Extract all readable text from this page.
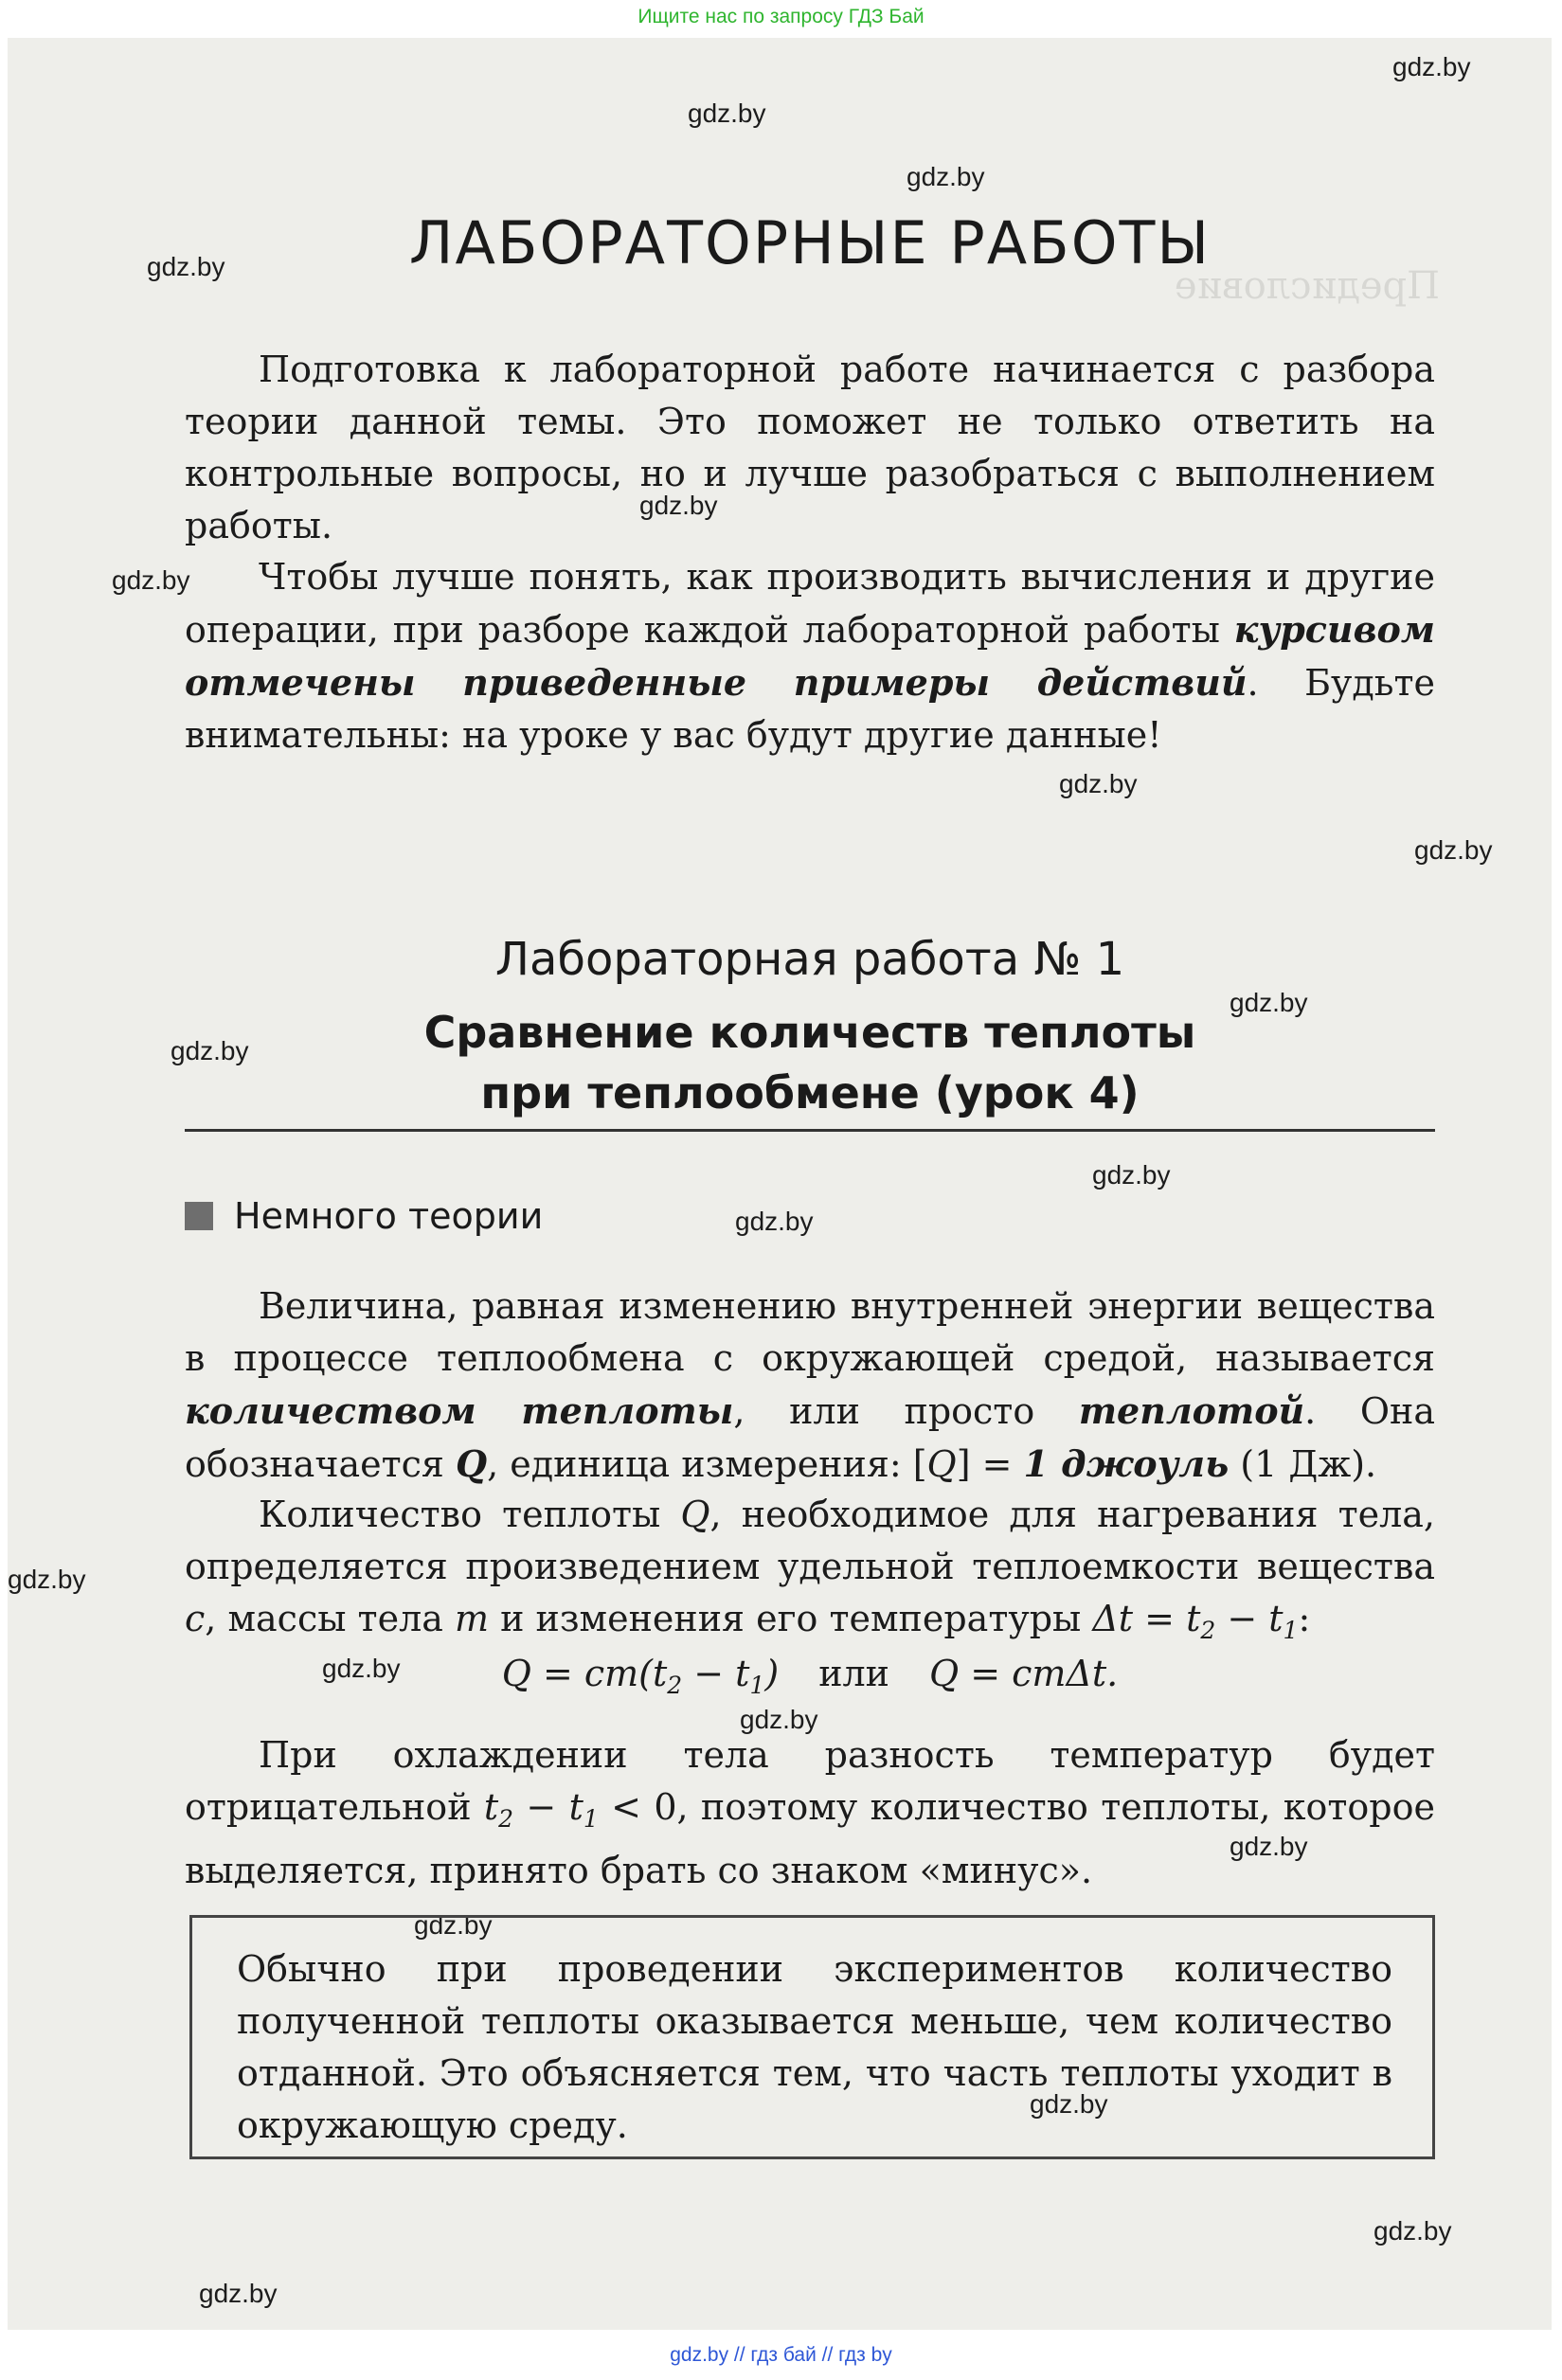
Ищите нас по запросу ГДЗ Бай
Предисловие
gdz.by
gdz.by
gdz.by
gdz.by
gdz.by
gdz.by
gdz.by
gdz.by
gdz.by
gdz.by
gdz.by
gdz.by
gdz.by
gdz.by
gdz.by
gdz.by
gdz.by
gdz.by
gdz.by
gdz.by
ЛАБОРАТОРНЫЕ РАБОТЫ
Подготовка к лабораторной работе начинается с разбора теории данной темы. Это поможет не только ответить на контрольные вопросы, но и лучше разобраться с выполнением работы.
Чтобы лучше понять, как производить вычисления и другие операции, при разборе каждой лабораторной работы курсивом отмечены приведенные примеры действий. Будьте внимательны: на уроке у вас будут другие данные!
Лабораторная работа № 1
Сравнение количеств теплоты
при теплообмене (урок 4)
Немного теории
Величина, равная изменению внутренней энергии вещества в процессе теплообмена с окружающей средой, называется количеством теплоты, или просто теплотой. Она обозначается Q, единица измерения: [Q] = 1 джоуль (1 Дж).
Количество теплоты Q, необходимое для нагревания тела, определяется произведением удельной теплоемкости вещества c, массы тела m и изменения его температуры $\Delta t = t_2 - t_1$:
$Q = cm(t_2 - t_1)$ или Q = cmΔt.
При охлаждении тела разность температур будет отрицательной $t_2 - t_1 < 0$, поэтому количество теплоты, которое выделяется, принято брать со знаком «минус».
Обычно при проведении экспериментов количество полученной теплоты оказывается меньше, чем количество отданной. Это объясняется тем, что часть теплоты уходит в окружающую среду.
gdz.by // гдз бай // гдз by
